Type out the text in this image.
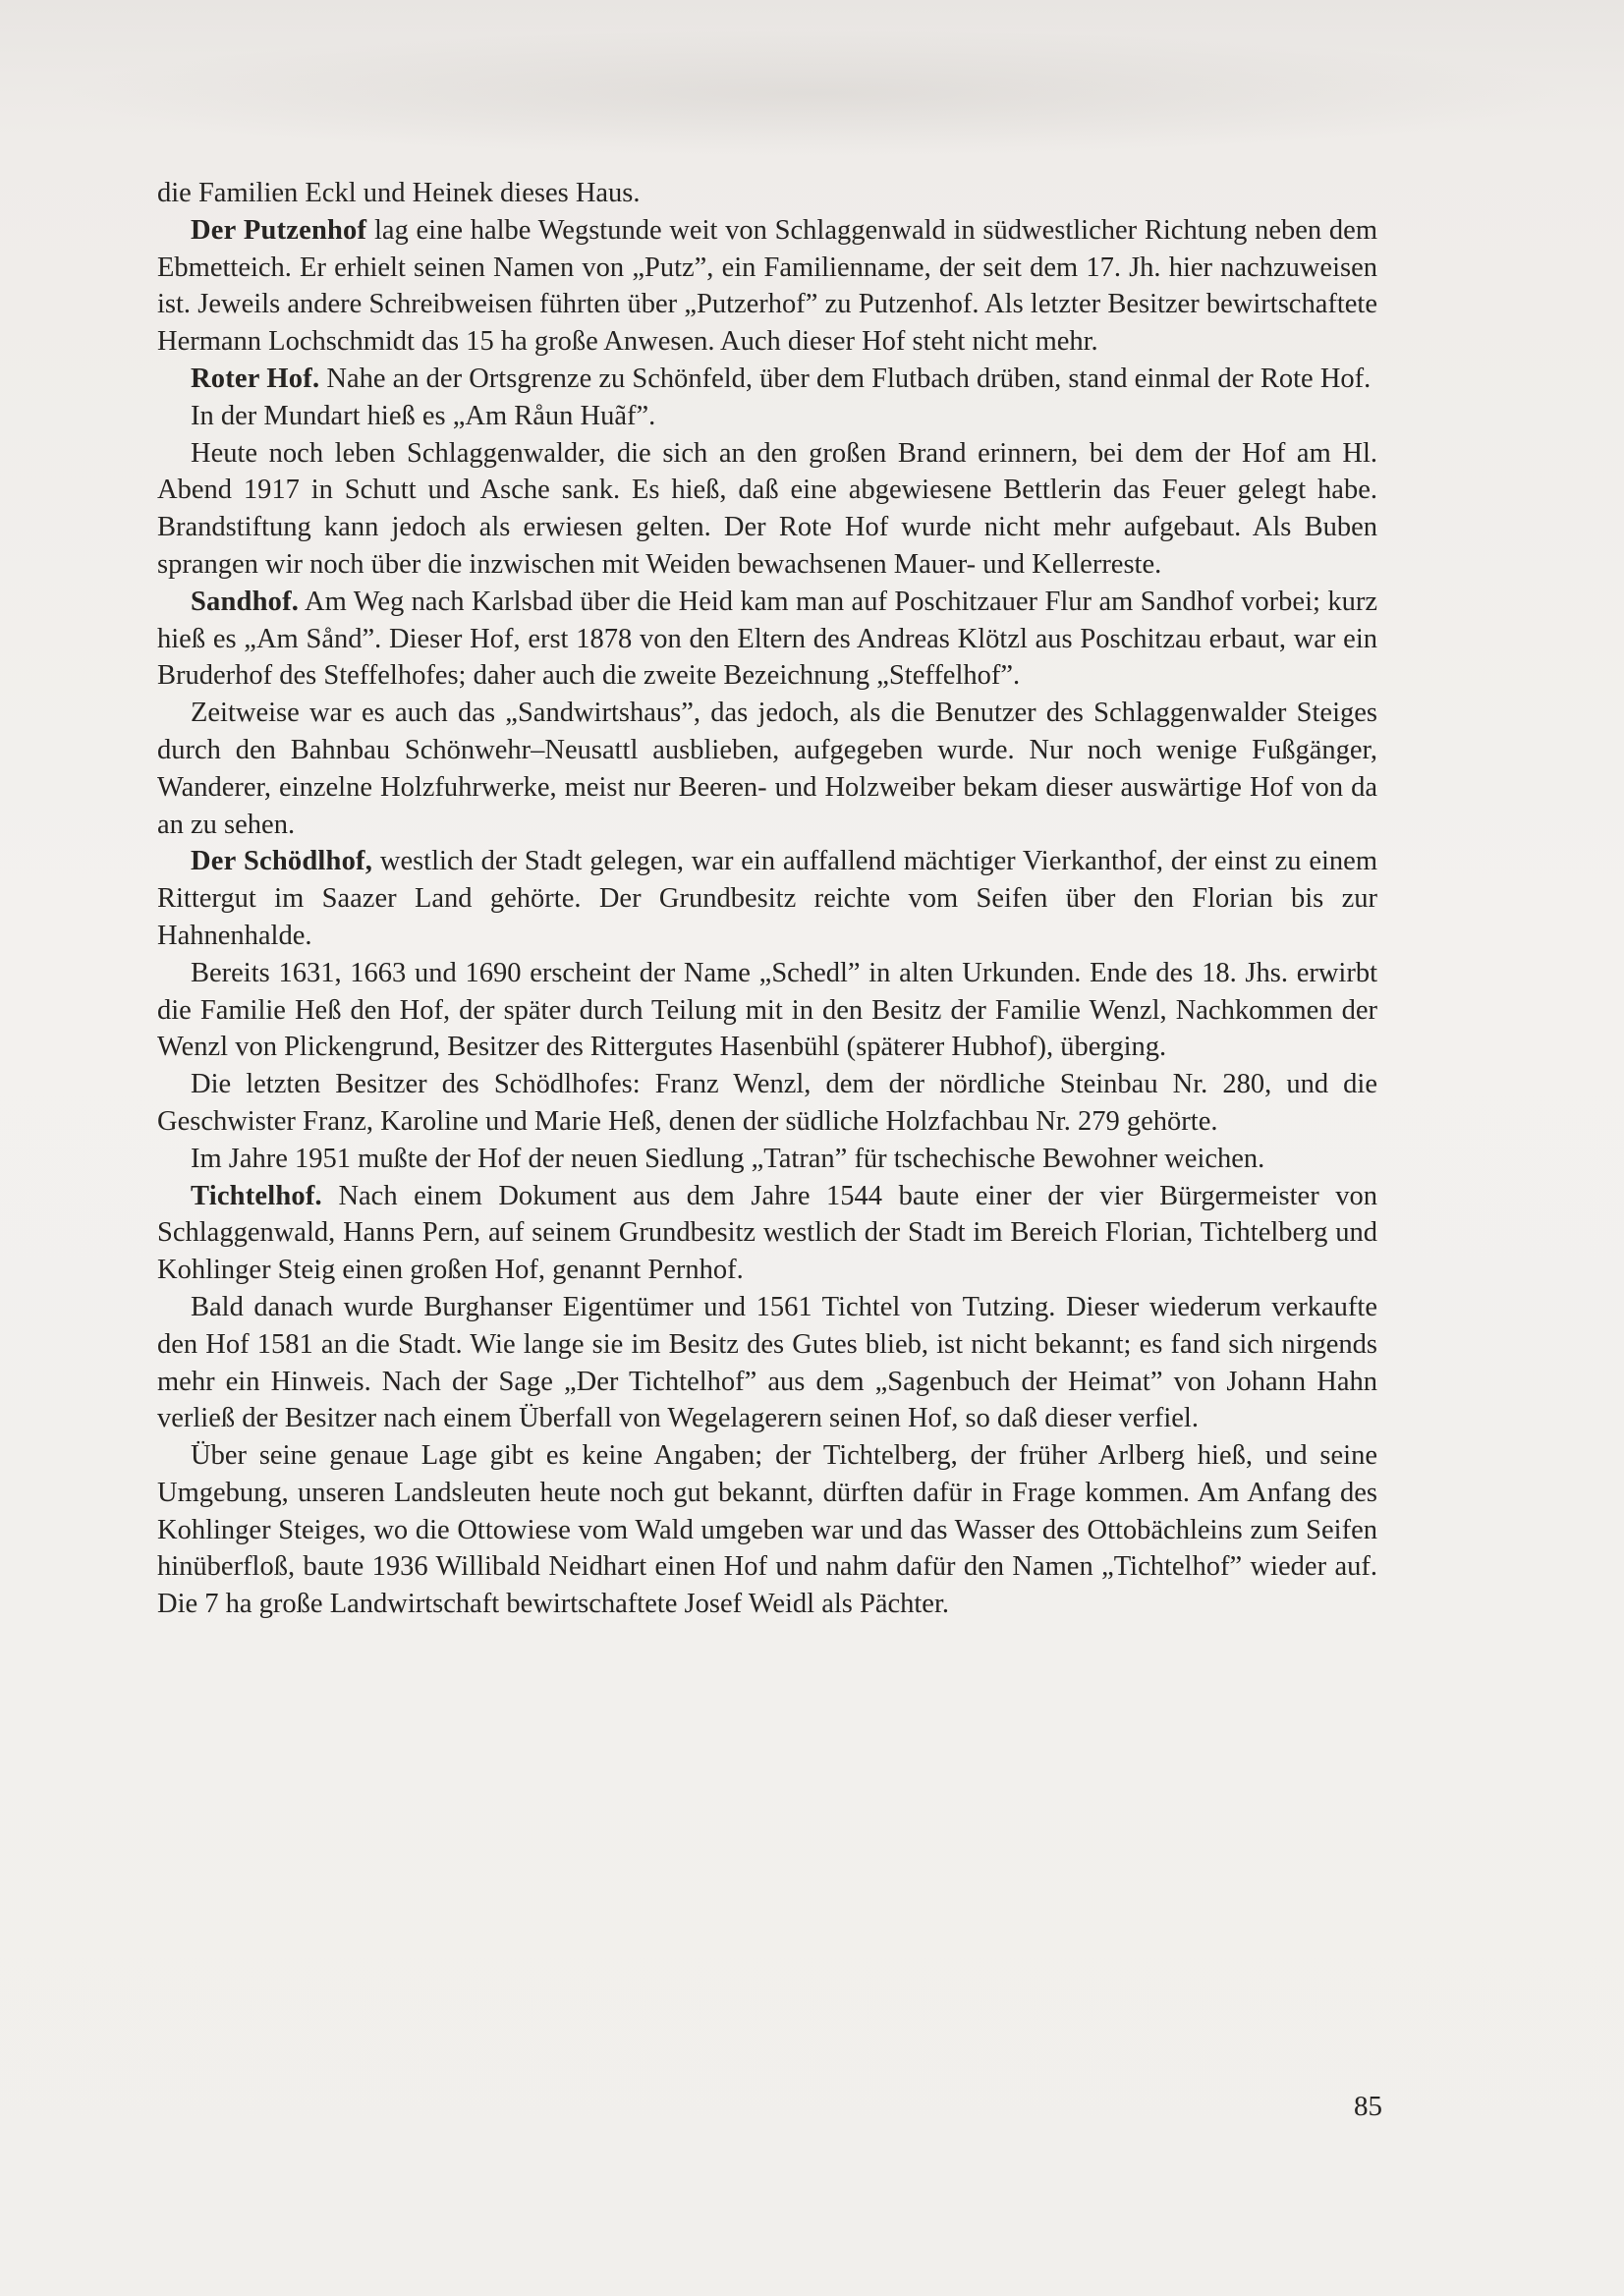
die Familien Eckl und Heinek dieses Haus.

Der Putzenhof lag eine halbe Wegstunde weit von Schlaggenwald in südwestlicher Richtung neben dem Ebmetteich. Er erhielt seinen Namen von „Putz”, ein Familienname, der seit dem 17. Jh. hier nachzuweisen ist. Jeweils andere Schreibweisen führten über „Putzerhof” zu Putzenhof. Als letzter Besitzer bewirtschaftete Hermann Lochschmidt das 15 ha große Anwesen. Auch dieser Hof steht nicht mehr.

Roter Hof. Nahe an der Ortsgrenze zu Schönfeld, über dem Flutbach drüben, stand einmal der Rote Hof.

In der Mundart hieß es „Am Råun Huãf”.

Heute noch leben Schlaggenwalder, die sich an den großen Brand erinnern, bei dem der Hof am Hl. Abend 1917 in Schutt und Asche sank. Es hieß, daß eine abgewiesene Bettlerin das Feuer gelegt habe. Brandstiftung kann jedoch als erwiesen gelten. Der Rote Hof wurde nicht mehr aufgebaut. Als Buben sprangen wir noch über die inzwischen mit Weiden bewachsenen Mauer- und Kellerreste.

Sandhof. Am Weg nach Karlsbad über die Heid kam man auf Poschitzauer Flur am Sandhof vorbei; kurz hieß es „Am Sånd”. Dieser Hof, erst 1878 von den Eltern des Andreas Klötzl aus Poschitzau erbaut, war ein Bruderhof des Steffelhofes; daher auch die zweite Bezeichnung „Steffelhof”.

Zeitweise war es auch das „Sandwirtshaus”, das jedoch, als die Benutzer des Schlaggenwalder Steiges durch den Bahnbau Schönwehr–Neusattl ausblieben, aufgegeben wurde. Nur noch wenige Fußgänger, Wanderer, einzelne Holzfuhrwerke, meist nur Beeren- und Holzweiber bekam dieser auswärtige Hof von da an zu sehen.

Der Schödlhof, westlich der Stadt gelegen, war ein auffallend mächtiger Vierkanthof, der einst zu einem Rittergut im Saazer Land gehörte. Der Grundbesitz reichte vom Seifen über den Florian bis zur Hahnenhalde.

Bereits 1631, 1663 und 1690 erscheint der Name „Schedl” in alten Urkunden. Ende des 18. Jhs. erwirbt die Familie Heß den Hof, der später durch Teilung mit in den Besitz der Familie Wenzl, Nachkommen der Wenzl von Plickengrund, Besitzer des Rittergutes Hasenbühl (späterer Hubhof), überging.

Die letzten Besitzer des Schödlhofes: Franz Wenzl, dem der nördliche Steinbau Nr. 280, und die Geschwister Franz, Karoline und Marie Heß, denen der südliche Holzfachbau Nr. 279 gehörte.

Im Jahre 1951 mußte der Hof der neuen Siedlung „Tatran” für tschechische Bewohner weichen.

Tichtelhof. Nach einem Dokument aus dem Jahre 1544 baute einer der vier Bürgermeister von Schlaggenwald, Hanns Pern, auf seinem Grundbesitz westlich der Stadt im Bereich Florian, Tichtelberg und Kohlinger Steig einen großen Hof, genannt Pernhof.

Bald danach wurde Burghanser Eigentümer und 1561 Tichtel von Tutzing. Dieser wiederum verkaufte den Hof 1581 an die Stadt. Wie lange sie im Besitz des Gutes blieb, ist nicht bekannt; es fand sich nirgends mehr ein Hinweis. Nach der Sage „Der Tichtelhof” aus dem „Sagenbuch der Heimat” von Johann Hahn verließ der Besitzer nach einem Überfall von Wegelagerern seinen Hof, so daß dieser verfiel.

Über seine genaue Lage gibt es keine Angaben; der Tichtelberg, der früher Arlberg hieß, und seine Umgebung, unseren Landsleuten heute noch gut bekannt, dürften dafür in Frage kommen. Am Anfang des Kohlinger Steiges, wo die Ottowiese vom Wald umgeben war und das Wasser des Ottobächleins zum Seifen hinüberfloß, baute 1936 Willibald Neidhart einen Hof und nahm dafür den Namen „Tichtelhof” wieder auf. Die 7 ha große Landwirtschaft bewirtschaftete Josef Weidl als Pächter.

85
